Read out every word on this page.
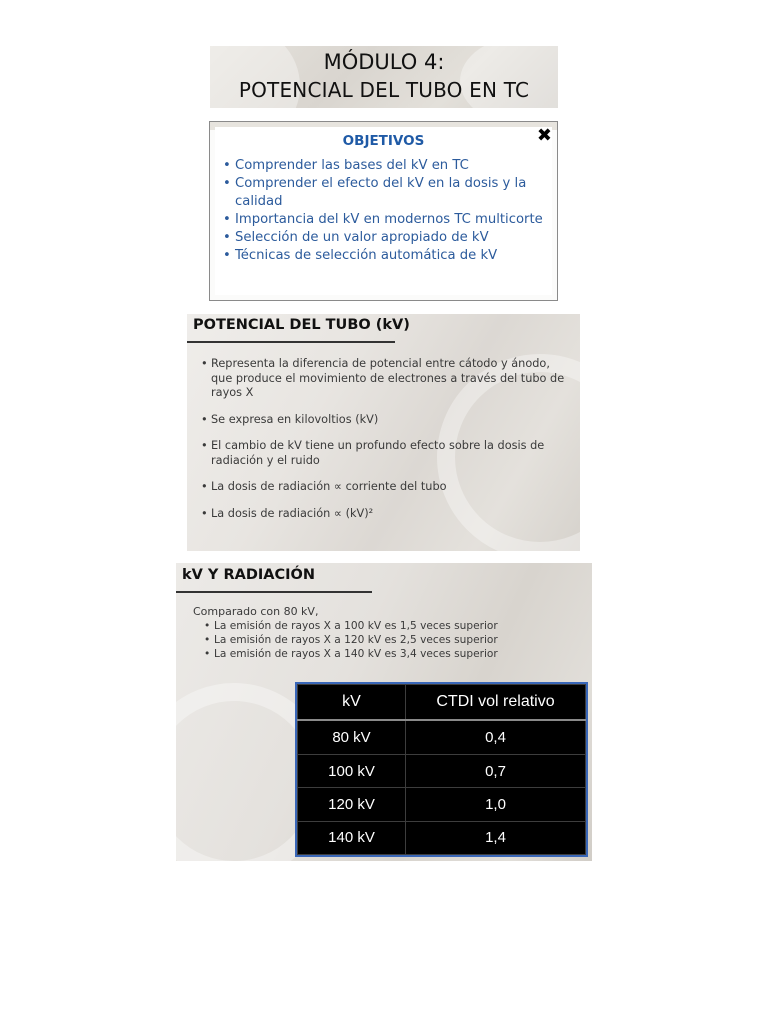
MÓDULO 4:
POTENCIAL DEL TUBO EN TC
OBJETIVOS	✖
• Comprender las bases del kV en TC
• Comprender el efecto del kV en la dosis y la calidad
• Importancia del kV en modernos TC multicorte
• Selección de un valor apropiado de kV
• Técnicas de selección automática de kV
POTENCIAL DEL TUBO (kV)
• Representa la diferencia de potencial entre cátodo y ánodo, que produce el movimiento de electrones a través del tubo de rayos X
• Se expresa en kilovoltios (kV)
• El cambio de kV tiene un profundo efecto sobre la dosis de radiación y el ruido
• La dosis de radiación ∝ corriente del tubo
• La dosis de radiación ∝ (kV)²
kV Y RADIACIÓN
Comparado con 80 kV,
• La emisión de rayos X a 100 kV es 1,5 veces superior
• La emisión de rayos X a 120 kV es 2,5 veces superior
• La emisión de rayos X a 140 kV es 3,4 veces superior
kV	CTDI vol relativo
80 kV	0,4
100 kV	0,7
120 kV	1,0
140 kV	1,4
